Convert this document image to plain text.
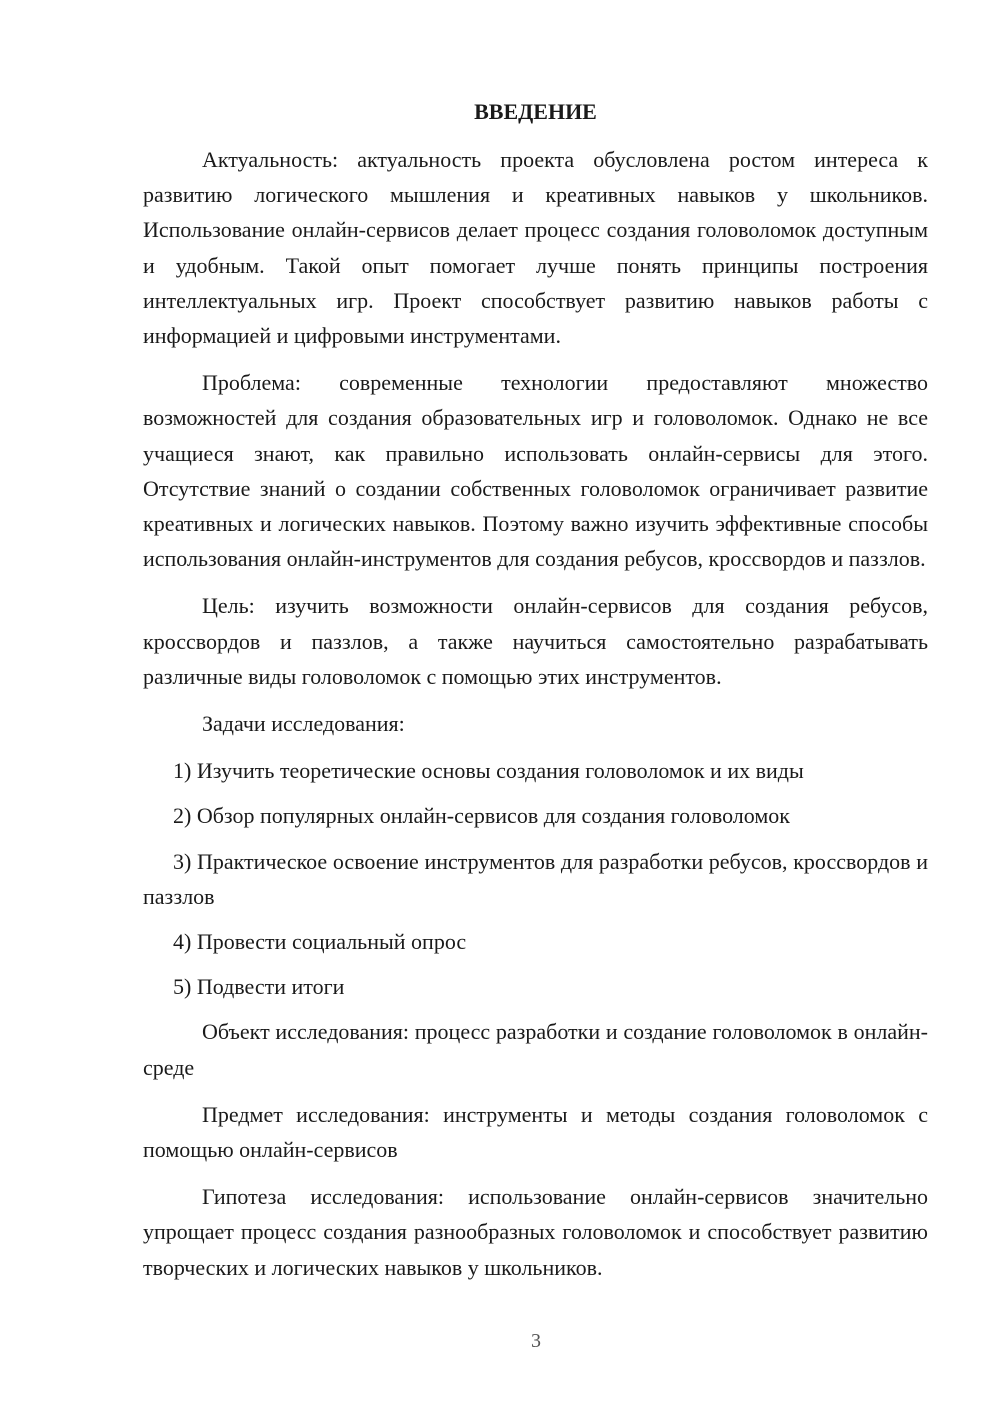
ВВЕДЕНИЕ

Актуальность: актуальность проекта обусловлена ростом интереса к развитию логического мышления и креативных навыков у школьников. Использование онлайн-сервисов делает процесс создания головоломок доступным и удобным. Такой опыт помогает лучше понять принципы построения интеллектуальных игр. Проект способствует развитию навыков работы с информацией и цифровыми инструментами.

Проблема: современные технологии предоставляют множество возможностей для создания образовательных игр и головоломок. Однако не все учащиеся знают, как правильно использовать онлайн-сервисы для этого. Отсутствие знаний о создании собственных головоломок ограничивает развитие креативных и логических навыков. Поэтому важно изучить эффективные способы использования онлайн-инструментов для создания ребусов, кроссвордов и паззлов.

Цель: изучить возможности онлайн-сервисов для создания ребусов, кроссвордов и паззлов, а также научиться самостоятельно разрабатывать различные виды головоломок с помощью этих инструментов.

Задачи исследования:

1) Изучить теоретические основы создания головоломок и их виды

2) Обзор популярных онлайн-сервисов для создания головоломок

3) Практическое освоение инструментов для разработки ребусов, кроссвордов и паззлов

4) Провести социальный опрос

5) Подвести итоги

Объект исследования: процесс разработки и создание головоломок в онлайн-среде

Предмет исследования: инструменты и методы создания головоломок с помощью онлайн-сервисов

Гипотеза исследования: использование онлайн-сервисов значительно упрощает процесс создания разнообразных головоломок и способствует развитию творческих и логических навыков у школьников.

3
